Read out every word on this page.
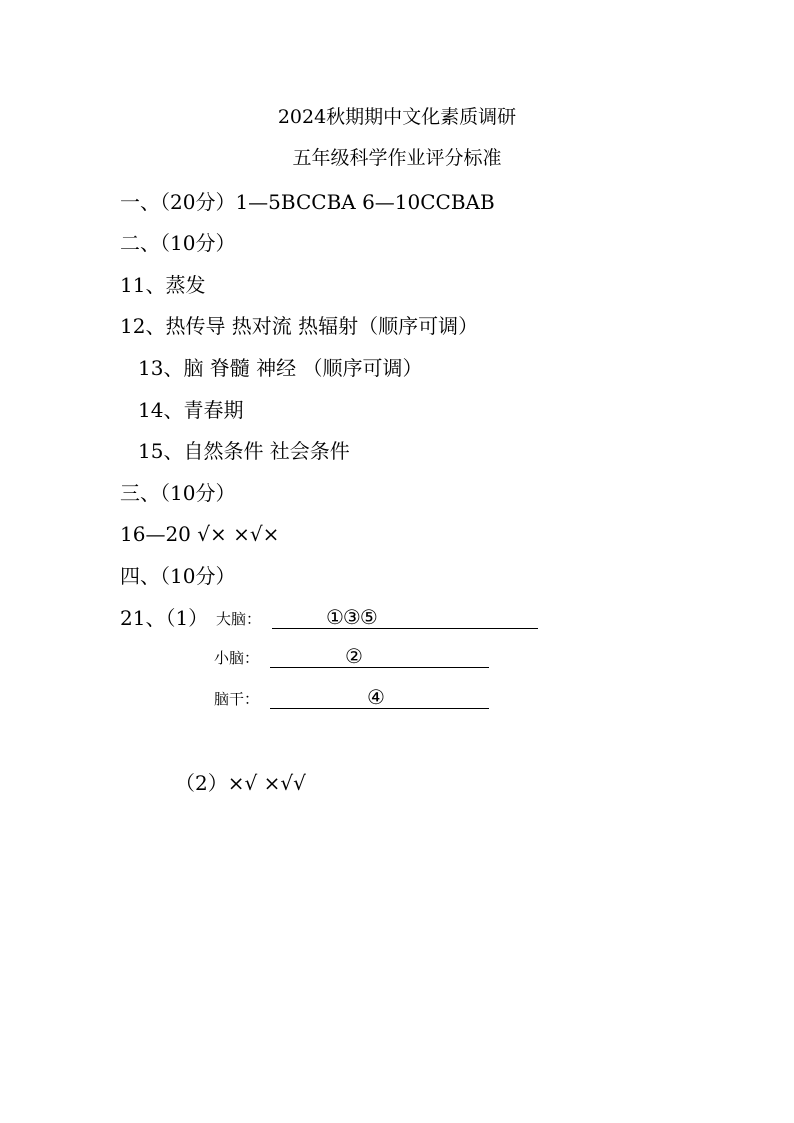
2024秋期期中文化素质调研
五年级科学作业评分标准
一、（20分）1—5BCCBA 6—10CCBAB
二、（10分）
11、蒸发
12、热传导 热对流 热辐射（顺序可调）
13、脑 脊髓 神经 （顺序可调）
14、青春期
15、自然条件 社会条件
三、（10分）
16—20 √× ×√×
四、（10分）
21、（1） 大脑：	①③⑤
小脑：	②
脑干：	④
（2）×√ ×√√
